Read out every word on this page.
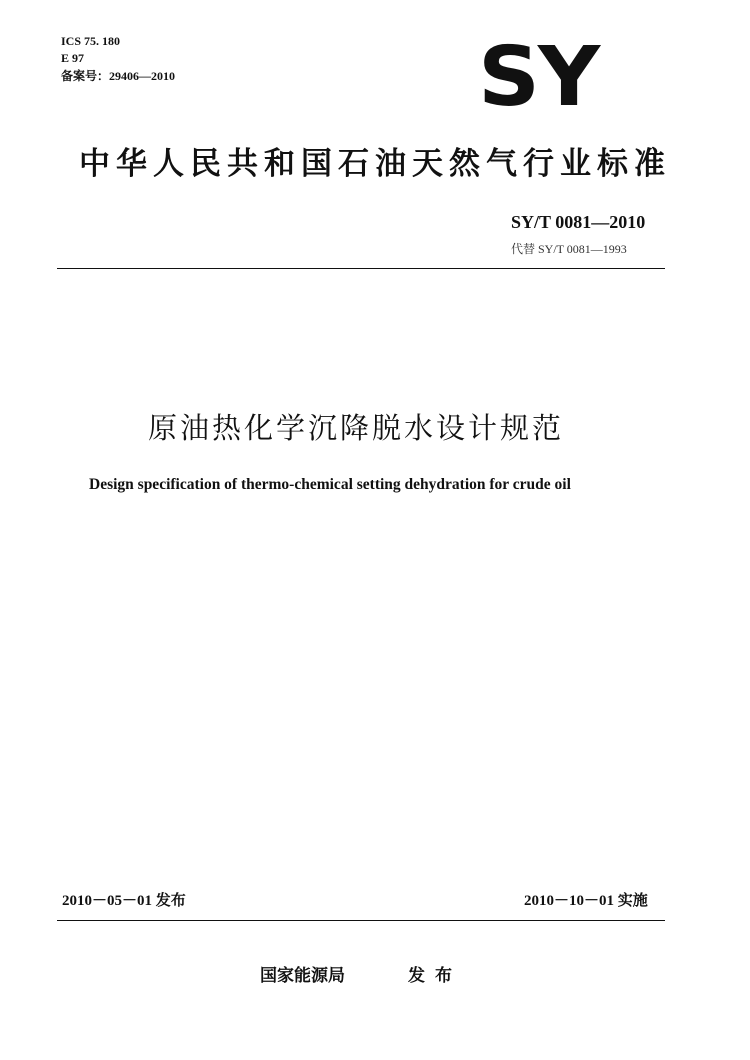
ICS 75. 180
E 97
备案号：29406—2010	SY
中华人民共和国石油天然气行业标准
SY/T 0081—2010
代替 SY/T 0081—1993
原油热化学沉降脱水设计规范
Design specification of thermo-chemical setting dehydration for crude oil
2010－05－01 发布	2010－10－01 实施
国家能源局	发布
